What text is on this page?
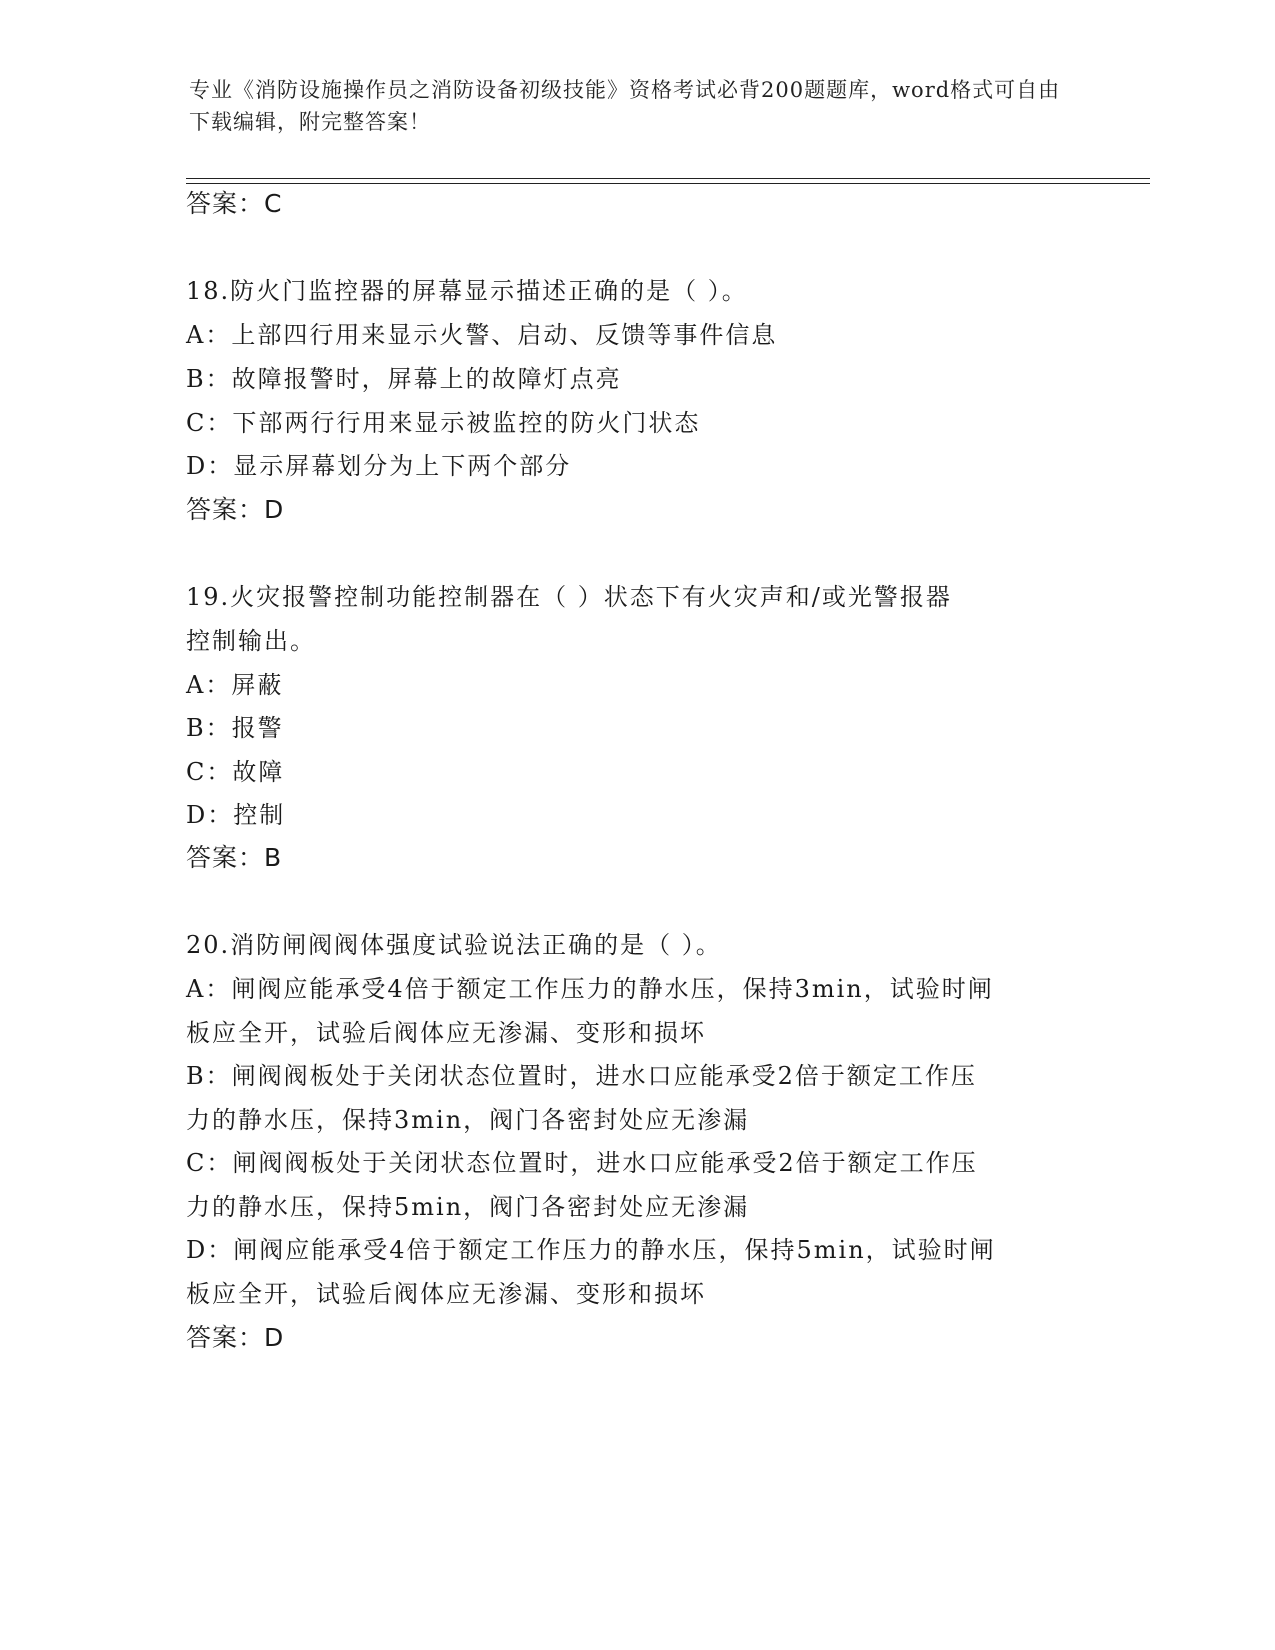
专业《消防设施操作员之消防设备初级技能》资格考试必背200题题库，word格式可自由下载编辑，附完整答案！
答案：C
18.防火门监控器的屏幕显示描述正确的是（ ）。
A：上部四行用来显示火警、启动、反馈等事件信息
B：故障报警时，屏幕上的故障灯点亮
C：下部两行行用来显示被监控的防火门状态
D：显示屏幕划分为上下两个部分
答案：D
19.火灾报警控制功能控制器在（ ）状态下有火灾声和/或光警报器
控制输出。
A：屏蔽
B：报警
C：故障
D：控制
答案：B
20.消防闸阀阀体强度试验说法正确的是（ ）。
A：闸阀应能承受4倍于额定工作压力的静水压，保持3min，试验时闸
板应全开，试验后阀体应无渗漏、变形和损坏
B：闸阀阀板处于关闭状态位置时，进水口应能承受2倍于额定工作压
力的静水压，保持3min，阀门各密封处应无渗漏
C：闸阀阀板处于关闭状态位置时，进水口应能承受2倍于额定工作压
力的静水压，保持5min，阀门各密封处应无渗漏
D：闸阀应能承受4倍于额定工作压力的静水压，保持5min，试验时闸
板应全开，试验后阀体应无渗漏、变形和损坏
答案：D
